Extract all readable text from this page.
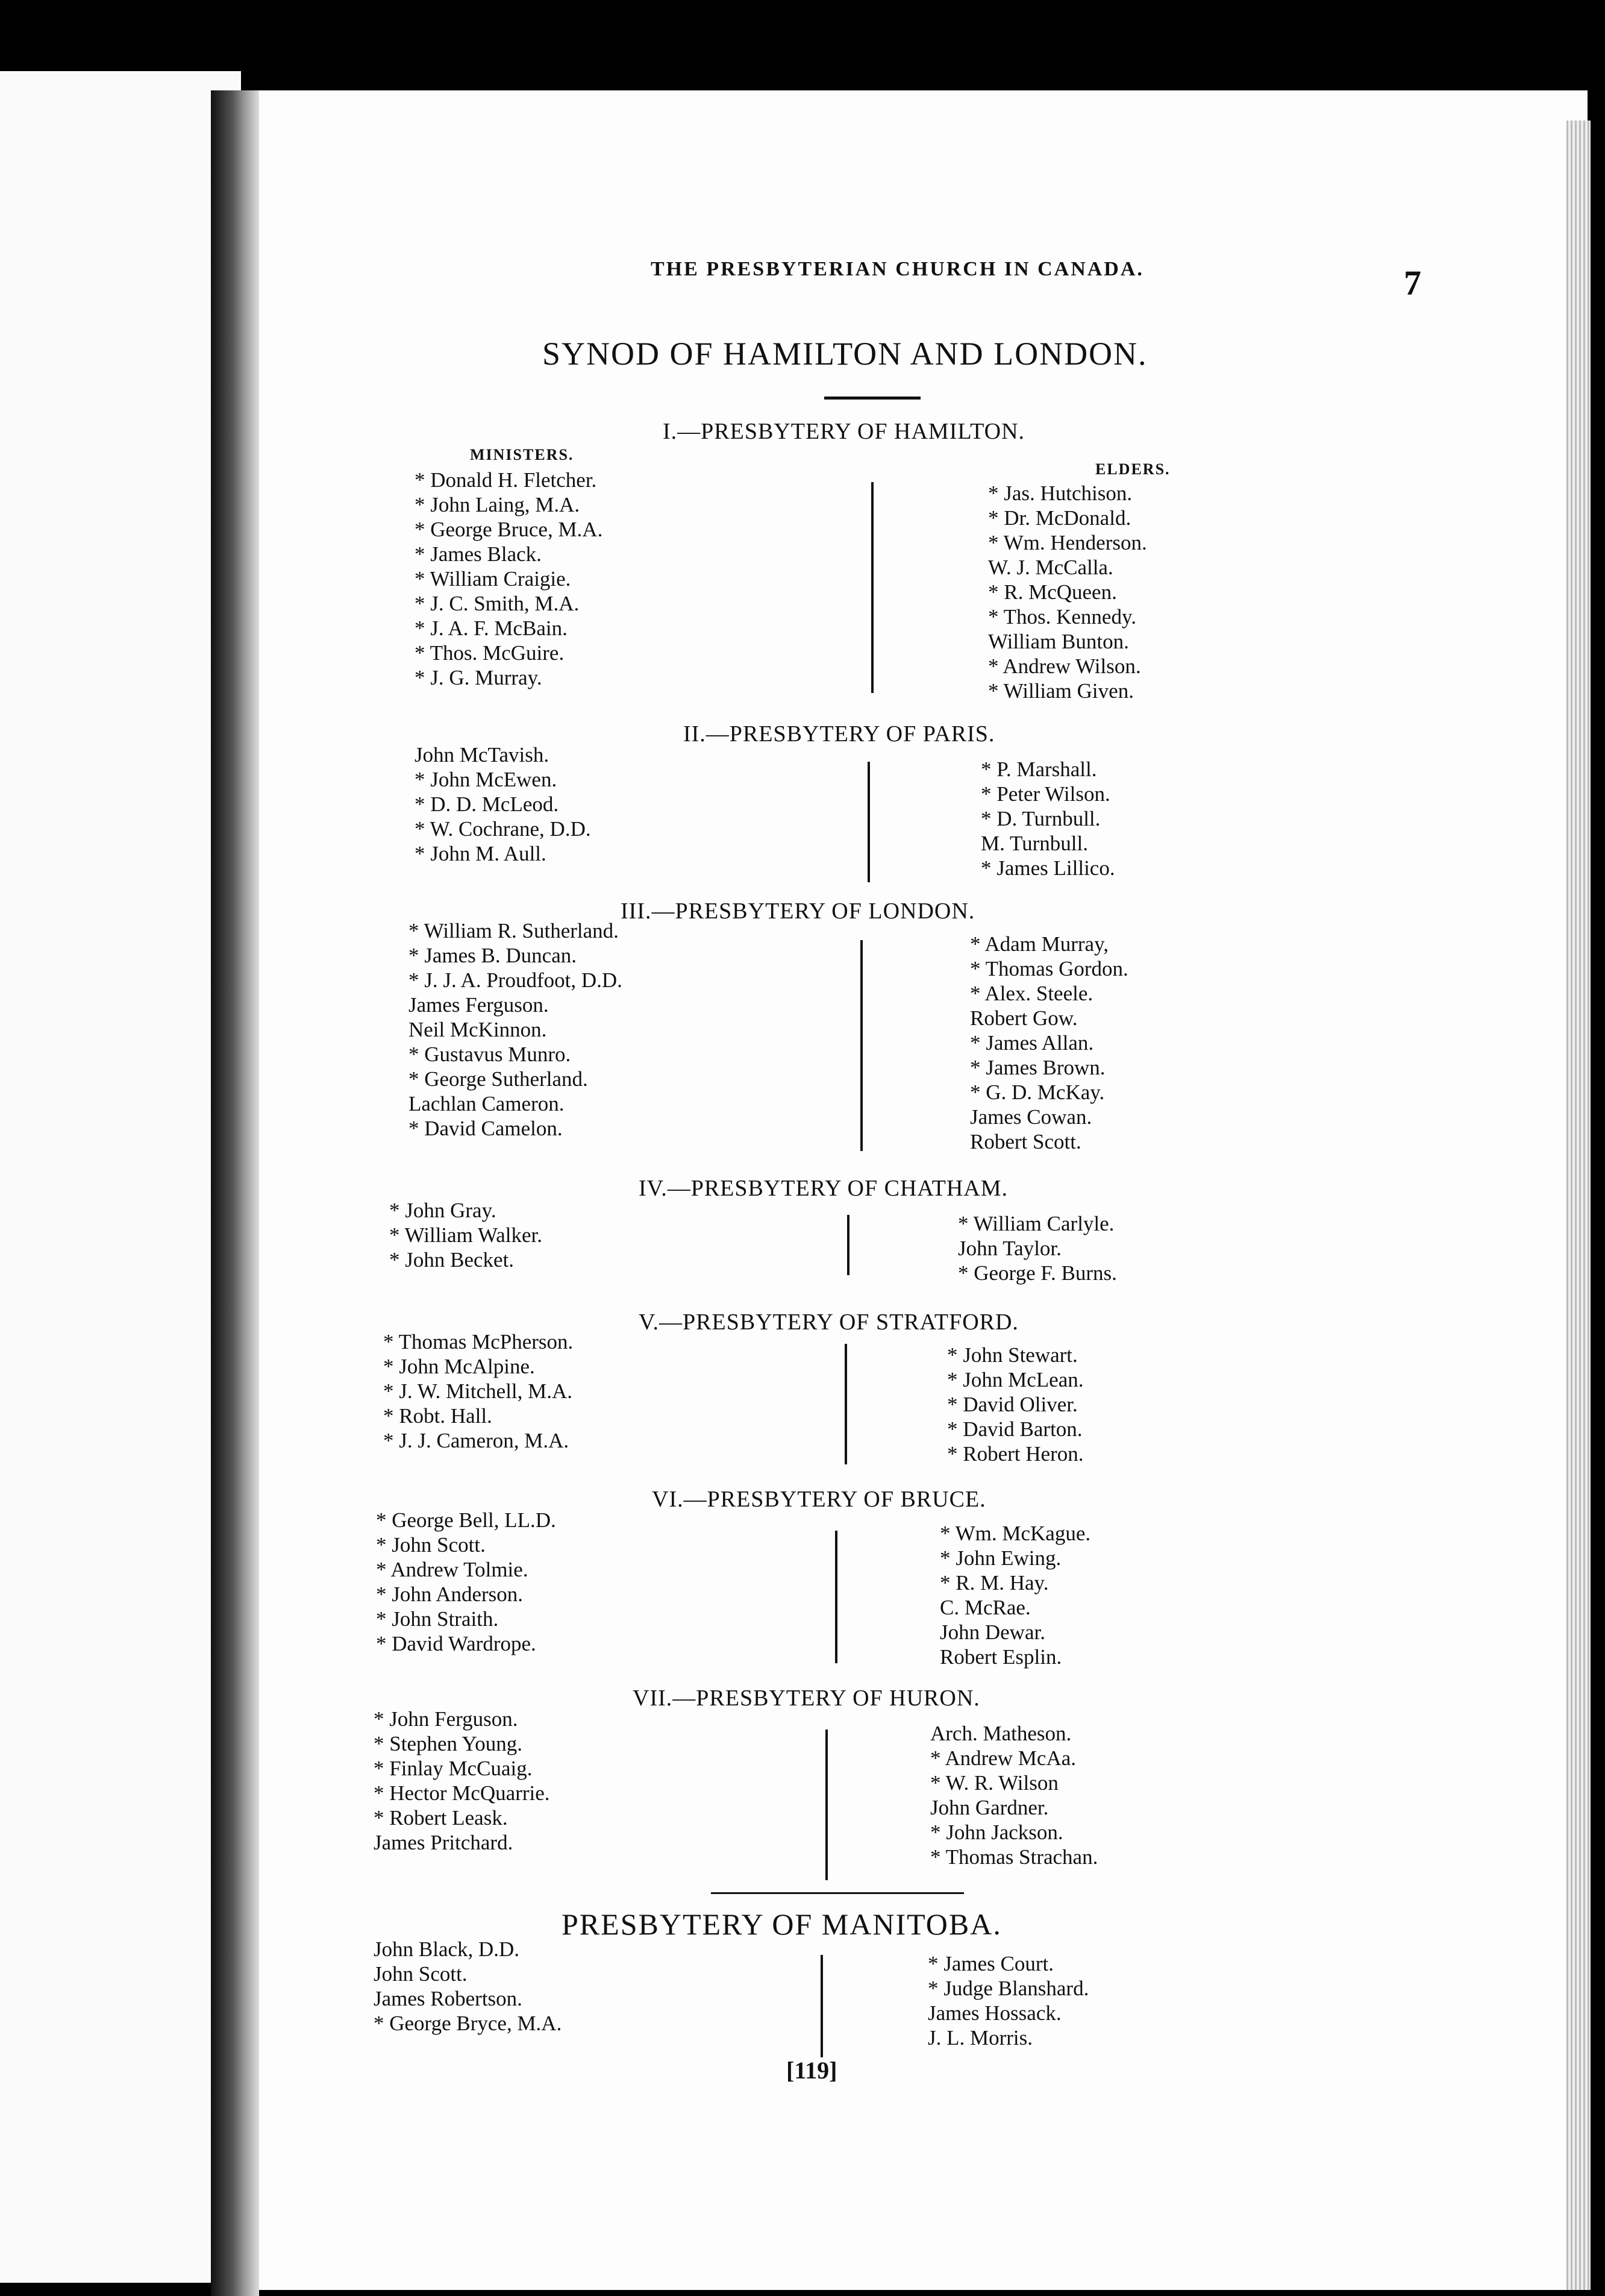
THE PRESBYTERIAN CHURCH IN CANADA.	7
SYNOD OF HAMILTON AND LONDON.
MINISTERS.
ELDERS.
I.—PRESBYTERY OF HAMILTON.
* Donald H. Fletcher.
* John Laing, M.A.
* George Bruce, M.A.
* James Black.
* William Craigie.
* J. C. Smith, M.A.
* J. A. F. McBain.
* Thos. McGuire.
* J. G. Murray.
* Jas. Hutchison.
* Dr. McDonald.
* Wm. Henderson.
W. J. McCalla.
* R. McQueen.
* Thos. Kennedy.
William Bunton.
* Andrew Wilson.
* William Given.
II.—PRESBYTERY OF PARIS.
John McTavish.
* John McEwen.
* D. D. McLeod.
* W. Cochrane, D.D.
* John M. Aull.
* P. Marshall.
* Peter Wilson.
* D. Turnbull.
M. Turnbull.
* James Lillico.
III.—PRESBYTERY OF LONDON.
* William R. Sutherland.
* James B. Duncan.
* J. J. A. Proudfoot, D.D.
James Ferguson.
Neil McKinnon.
* Gustavus Munro.
* George Sutherland.
Lachlan Cameron.
* David Camelon.
* Adam Murray,
* Thomas Gordon.
* Alex. Steele.
Robert Gow.
* James Allan.
* James Brown.
* G. D. McKay.
James Cowan.
Robert Scott.
IV.—PRESBYTERY OF CHATHAM.
* John Gray.
* William Walker.
* John Becket.
* William Carlyle.
John Taylor.
* George F. Burns.
V.—PRESBYTERY OF STRATFORD.
* Thomas McPherson.
* John McAlpine.
* J. W. Mitchell, M.A.
* Robt. Hall.
* J. J. Cameron, M.A.
* John Stewart.
* John McLean.
* David Oliver.
* David Barton.
* Robert Heron.
VI.—PRESBYTERY OF BRUCE.
* George Bell, LL.D.
* John Scott.
* Andrew Tolmie.
* John Anderson.
* John Straith.
* David Wardrope.
* Wm. McKague.
* John Ewing.
* R. M. Hay.
C. McRae.
John Dewar.
Robert Esplin.
VII.—PRESBYTERY OF HURON.
* John Ferguson.
* Stephen Young.
* Finlay McCuaig.
* Hector McQuarrie.
* Robert Leask.
James Pritchard.
Arch. Matheson.
* Andrew McAa.
* W. R. Wilson
John Gardner.
* John Jackson.
* Thomas Strachan.
John Black, D.D.
John Scott.
James Robertson.
* George Bryce, M.A.
* James Court.
* Judge Blanshard.
James Hossack.
J. L. Morris.
PRESBYTERY OF MANITOBA.
[119]
